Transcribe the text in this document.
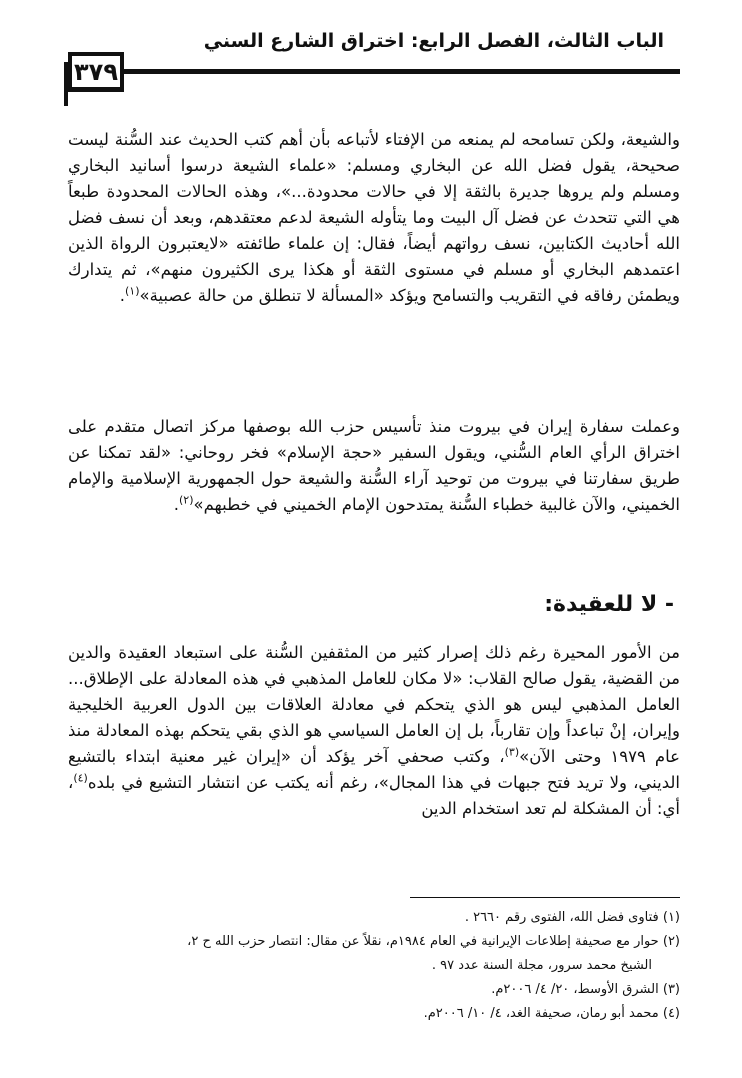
الباب الثالث، الفصل الرابع: اختراق الشارع السني
٣٧٩

والشيعة، ولكن تسامحه لم يمنعه من الإفتاء لأتباعه بأن أهم كتب الحديث عند السُّنة ليست صحيحة، يقول فضل الله عن البخاري ومسلم: «علماء الشيعة درسوا أسانيد البخاري ومسلم ولم يروها جديرة بالثقة إلا في حالات محدودة...»، وهذه الحالات المحدودة طبعاً هي التي تتحدث عن فضل آل البيت وما يتأوله الشيعة لدعم معتقدهم، وبعد أن نسف فضل الله أحاديث الكتابين، نسف رواتهم أيضاً، فقال: إن علماء طائفته «لايعتبرون الرواة الذين اعتمدهم البخاري أو مسلم في مستوى الثقة أو هكذا يرى الكثيرون منهم»، ثم يتدارك ويطمئن رفاقه في التقريب والتسامح ويؤكد «المسألة لا تنطلق من حالة عصبية»$^{(١)}$.

وعملت سفارة إيران في بيروت منذ تأسيس حزب الله بوصفها مركز اتصال متقدم على اختراق الرأي العام السُّني، ويقول السفير «حجة الإسلام» فخر روحاني: «لقد تمكنا عن طريق سفارتنا في بيروت من توحيد آراء السُّنة والشيعة حول الجمهورية الإسلامية والإمام الخميني، والآن غالبية خطباء السُّنة يمتدحون الإمام الخميني في خطبهم»$^{(٢)}$.

- لا للعقيدة:

من الأمور المحيرة رغم ذلك إصرار كثير من المثقفين السُّنة على استبعاد العقيدة والدين من القضية، يقول صالح القلاب: «لا مكان للعامل المذهبي في هذه المعادلة على الإطلاق... العامل المذهبي ليس هو الذي يتحكم في معادلة العلاقات بين الدول العربية الخليجية وإيران، إنْ تباعداً وإن تقارباً، بل إن العامل السياسي هو الذي بقي يتحكم بهذه المعادلة منذ عام ١٩٧٩ وحتى الآن»$^{(٣)}$، وكتب صحفي آخر يؤكد أن «إيران غير معنية ابتداء بالتشيع الديني، ولا تريد فتح جبهات في هذا المجال»، رغم أنه يكتب عن انتشار التشيع في بلده$^{(٤)}$، أي: أن المشكلة لم تعد استخدام الدين

(١) فتاوى فضل الله، الفتوى رقم ٢٦٦٠ .

(٢) حوار مع صحيفة إطلاعات الإيرانية في العام ١٩٨٤م، نقلاً عن مقال: انتصار حزب الله ح ٢،

الشيخ محمد سرور، مجلة السنة عدد ٩٧ .

(٣) الشرق الأوسط، ٢٠/ ٤/ ٢٠٠٦م.

(٤) محمد أبو رمان، صحيفة الغد، ٤/ ١٠/ ٢٠٠٦م.
